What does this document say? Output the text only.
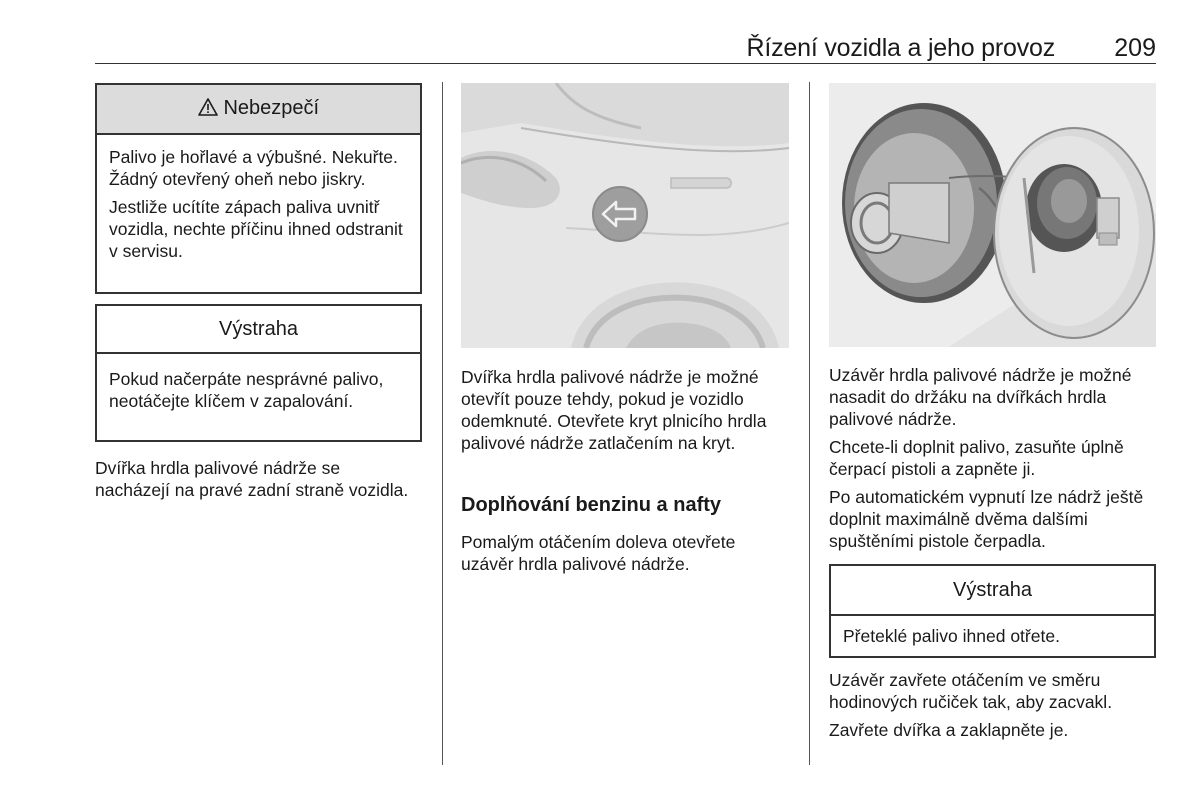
Řízení vozidla a jeho provoz 209
Nebezpečí

Palivo je hořlavé a výbušné. Nekuřte. Žádný otevřený oheň nebo jiskry.

Jestliže ucítíte zápach paliva uvnitř vozidla, nechte příčinu ihned odstranit v servisu.

Výstraha
Pokud načerpáte nesprávné palivo, neotáčejte klíčem v zapalování.
Dvířka hrdla palivové nádrže se nacházejí na pravé zadní straně vozidla.
Dvířka hrdla palivové nádrže je možné otevřít pouze tehdy, pokud je vozidlo odemknuté. Otevřete kryt plnicího hrdla palivové nádrže zatlačením na kryt.
Doplňování benzinu a nafty
Pomalým otáčením doleva otevřete uzávěr hrdla palivové nádrže.

Uzávěr hrdla palivové nádrže je možné nasadit do držáku na dvířkách hrdla palivové nádrže.

Chcete-li doplnit palivo, zasuňte úplně čerpací pistoli a zapněte ji.

Po automatickém vypnutí lze nádrž ještě doplnit maximálně dvěma dalšími spuštěními pistole čerpadla.

Výstraha
Přeteklé palivo ihned otřete.

Uzávěr zavřete otáčením ve směru hodinových ručiček tak, aby zacvakl.

Zavřete dvířka a zaklapněte je.
